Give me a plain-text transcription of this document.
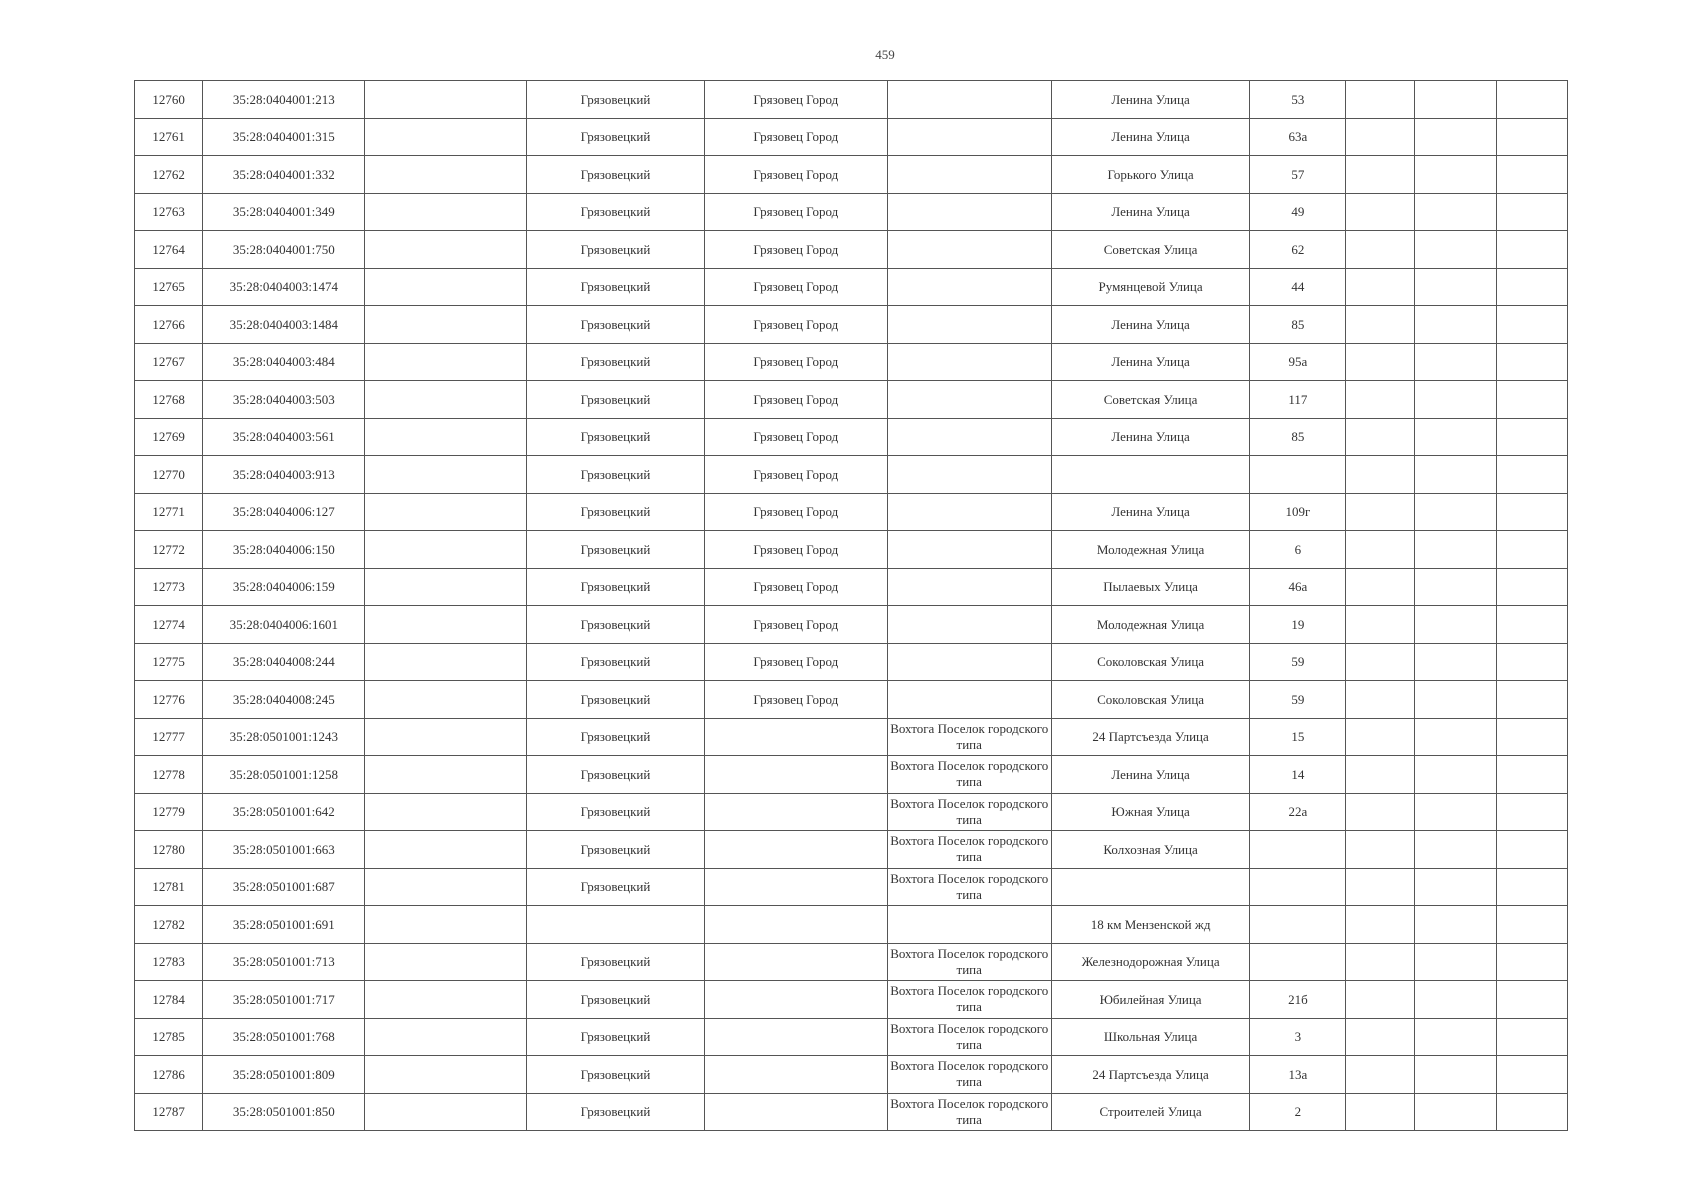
459
12760	35:28:0404001:213		Грязовецкий	Грязовец Город		Ленина Улица	53			
12761	35:28:0404001:315		Грязовецкий	Грязовец Город		Ленина Улица	63а			
12762	35:28:0404001:332		Грязовецкий	Грязовец Город		Горького Улица	57			
12763	35:28:0404001:349		Грязовецкий	Грязовец Город		Ленина Улица	49			
12764	35:28:0404001:750		Грязовецкий	Грязовец Город		Советская Улица	62			
12765	35:28:0404003:1474		Грязовецкий	Грязовец Город		Румянцевой Улица	44			
12766	35:28:0404003:1484		Грязовецкий	Грязовец Город		Ленина Улица	85			
12767	35:28:0404003:484		Грязовецкий	Грязовец Город		Ленина Улица	95а			
12768	35:28:0404003:503		Грязовецкий	Грязовец Город		Советская Улица	117			
12769	35:28:0404003:561		Грязовецкий	Грязовец Город		Ленина Улица	85			
12770	35:28:0404003:913		Грязовецкий	Грязовец Город						
12771	35:28:0404006:127		Грязовецкий	Грязовец Город		Ленина Улица	109г			
12772	35:28:0404006:150		Грязовецкий	Грязовец Город		Молодежная Улица	6			
12773	35:28:0404006:159		Грязовецкий	Грязовец Город		Пылаевых Улица	46а			
12774	35:28:0404006:1601		Грязовецкий	Грязовец Город		Молодежная Улица	19			
12775	35:28:0404008:244		Грязовецкий	Грязовец Город		Соколовская Улица	59			
12776	35:28:0404008:245		Грязовецкий	Грязовец Город		Соколовская Улица	59			
12777	35:28:0501001:1243		Грязовецкий		Вохтога Поселок городского типа	24 Партсъезда Улица	15			
12778	35:28:0501001:1258		Грязовецкий		Вохтога Поселок городского типа	Ленина Улица	14			
12779	35:28:0501001:642		Грязовецкий		Вохтога Поселок городского типа	Южная Улица	22а			
12780	35:28:0501001:663		Грязовецкий		Вохтога Поселок городского типа	Колхозная Улица				
12781	35:28:0501001:687		Грязовецкий		Вохтога Поселок городского типа					
12782	35:28:0501001:691					18 км Мензенской жд				
12783	35:28:0501001:713		Грязовецкий		Вохтога Поселок городского типа	Железнодорожная Улица				
12784	35:28:0501001:717		Грязовецкий		Вохтога Поселок городского типа	Юбилейная Улица	21б			
12785	35:28:0501001:768		Грязовецкий		Вохтога Поселок городского типа	Школьная Улица	3			
12786	35:28:0501001:809		Грязовецкий		Вохтога Поселок городского типа	24 Партсъезда Улица	13а			
12787	35:28:0501001:850		Грязовецкий		Вохтога Поселок городского типа	Строителей Улица	2			
